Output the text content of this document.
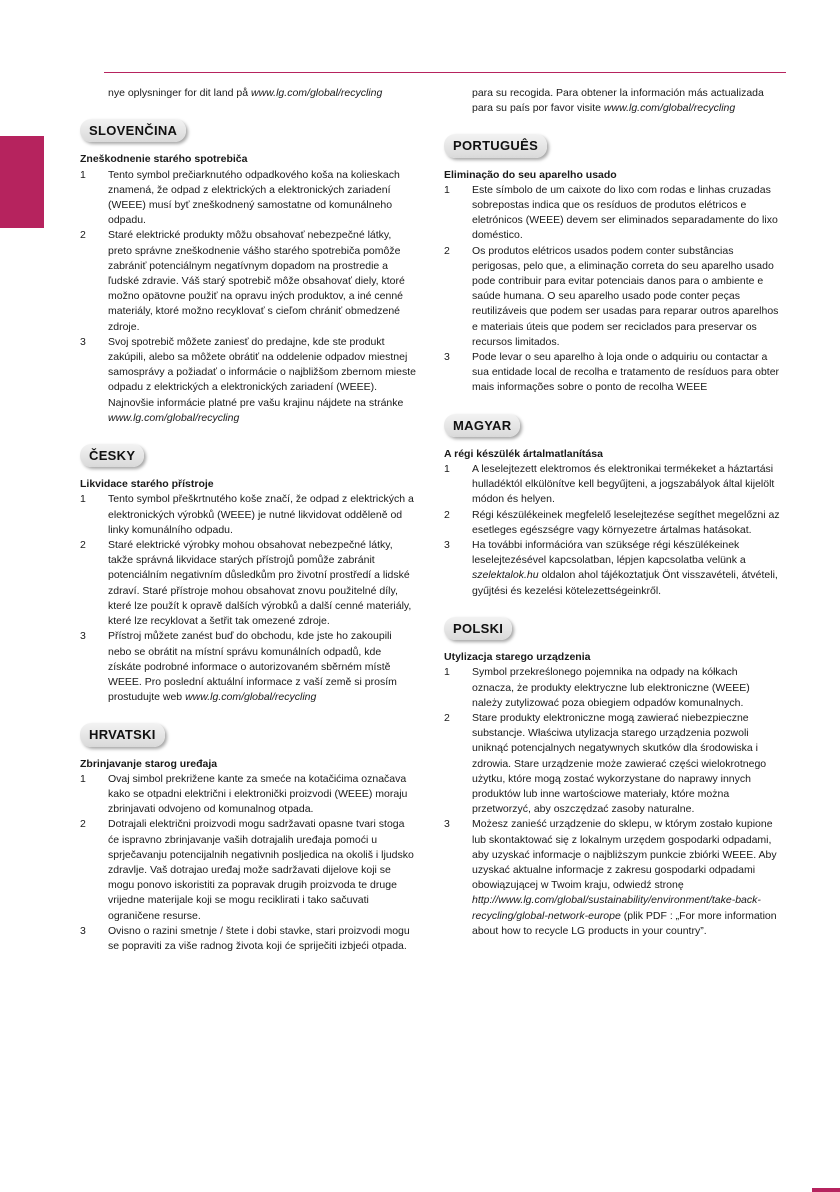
nye oplysninger for dit land på www.lg.com/global/recycling

SLOVENČINA

Zneškodnenie starého spotrebiča

1	Tento symbol prečiarknutého odpadkového koša na kolieskach znamená, že odpad z elektrických a elektronických zariadení (WEEE) musí byť zneškodnený samostatne od komunálneho odpadu.
2	Staré elektrické produkty môžu obsahovať nebezpečné látky, preto správne zneškodnenie vášho starého spotrebiča pomôže zabrániť potenciálnym negatívnym dopadom na prostredie a ľudské zdravie. Váš starý spotrebič môže obsahovať diely, ktoré možno opätovne použiť na opravu iných produktov, a iné cenné materiály, ktoré možno recyklovať s cieľom chrániť obmedzené zdroje.
3	Svoj spotrebič môžete zaniesť do predajne, kde ste produkt zakúpili, alebo sa môžete obrátiť na oddelenie odpadov miestnej samosprávy a požiadať o informácie o najbližšom zbernom mieste odpadu z elektrických a elektronických zariadení (WEEE). Najnovšie informácie platné pre vašu krajinu nájdete na stránke www.lg.com/global/recycling
ČESKY

Likvidace starého přístroje

1	Tento symbol přeškrtnutého koše značí, že odpad z elektrických a elektronických výrobků (WEEE) je nutné likvidovat odděleně od linky komunálního odpadu.
2	Staré elektrické výrobky mohou obsahovat nebezpečné látky, takže správná likvidace starých přístrojů pomůže zabránit potenciálním negativním důsledkům pro životní prostředí a lidské zdraví. Staré přístroje mohou obsahovat znovu použitelné díly, které lze použít k opravě dalších výrobků a další cenné materiály, které lze recyklovat a šetřit tak omezené zdroje.
3	Přístroj můžete zanést buď do obchodu, kde jste ho zakoupili nebo se obrátit na místní správu komunálních odpadů, kde získáte podrobné informace o autorizovaném sběrném místě WEEE. Pro poslední aktuální informace z vaší země si prosím prostudujte web www.lg.com/global/recycling
HRVATSKI

Zbrinjavanje starog uređaja

1	Ovaj simbol prekrižene kante za smeće na kotačićima označava kako se otpadni električni i elektronički proizvodi (WEEE) moraju zbrinjavati odvojeno od komunalnog otpada.
2	Dotrajali električni proizvodi mogu sadržavati opasne tvari stoga će ispravno zbrinjavanje vaših dotrajalih uređaja pomoći u sprječavanju potencijalnih negativnih posljedica na okoliš i ljudsko zdravlje. Vaš dotrajao uređaj može sadržavati dijelove koji se mogu ponovo iskoristiti za popravak drugih proizvoda te druge vrijedne materijale koji se mogu reciklirati i tako sačuvati ograničene resurse.
3	Ovisno o razini smetnje / štete i dobi stavke, stari proizvodi mogu se popraviti za više radnog života koji će spriječiti izbjeći otpada.

para su recogida. Para obtener la información más actualizada para su país por favor visite www.lg.com/global/recycling

PORTUGUÊS

Eliminação do seu aparelho usado

1	Este símbolo de um caixote do lixo com rodas e linhas cruzadas sobrepostas indica que os resíduos de produtos elétricos e eletrónicos (WEEE) devem ser eliminados separadamente do lixo doméstico.
2	Os produtos elétricos usados podem conter substâncias perigosas, pelo que, a eliminação correta do seu aparelho usado pode contribuir para evitar potenciais danos para o ambiente e saúde humana. O seu aparelho usado pode conter peças reutilizáveis que podem ser usadas para reparar outros aparelhos e materiais úteis que podem ser reciclados para preservar os recursos limitados.
3	Pode levar o seu aparelho à loja onde o adquiriu ou contactar a sua entidade local de recolha e tratamento de resíduos para obter mais informações sobre o ponto de recolha WEEE
MAGYAR

A régi készülék ártalmatlanítása

1	A leselejtezett elektromos és elektronikai termékeket a háztartási hulladéktól elkülönítve kell begyűjteni, a jogszabályok által kijelölt módon és helyen.
2	Régi készülékeinek megfelelő leselejtezése segíthet megelőzni az esetleges egészségre vagy környezetre ártalmas hatásokat.
3	Ha további információra van szüksége régi készülékeinek leselejtezésével kapcsolatban, lépjen kapcsolatba velünk a szelektalok.hu oldalon ahol tájékoztatjuk Önt visszavételi, átvételi, gyűjtési és kezelési kötelezettségeinkről.
POLSKI

Utylizacja starego urządzenia

1	Symbol przekreślonego pojemnika na odpady na kółkach oznacza, że produkty elektryczne lub elektroniczne (WEEE) należy zutylizować poza obiegiem odpadów komunalnych.
2	Stare produkty elektroniczne mogą zawierać niebezpieczne substancje. Właściwa utylizacja starego urządzenia pozwoli uniknąć potencjalnych negatywnych skutków dla środowiska i zdrowia. Stare urządzenie może zawierać części wielokrotnego użytku, które mogą zostać wykorzystane do naprawy innych produktów lub inne wartościowe materiały, które można przetworzyć, aby oszczędzać zasoby naturalne.
3	Możesz zanieść urządzenie do sklepu, w którym zostało kupione lub skontaktować się z lokalnym urzędem gospodarki odpadami, aby uzyskać informacje o najbliższym punkcie zbiórki WEEE. Aby uzyskać aktualne informacje z zakresu gospodarki odpadami obowiązującej w Twoim kraju, odwiedź stronę http://www.lg.com/global/sustainability/environment/take-back-recycling/global-network-europe (plik PDF : „For more information about how to recycle LG products in your country”.
